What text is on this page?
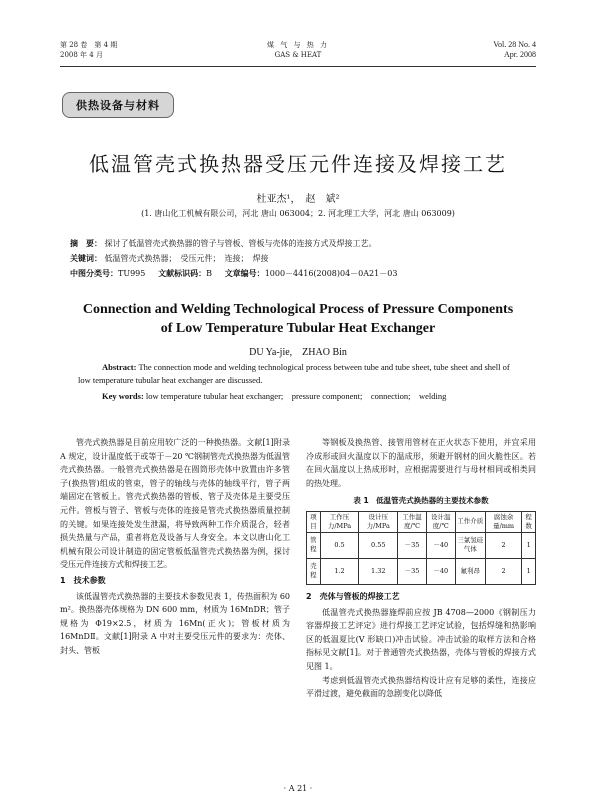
第 28 卷　第 4 期
2008 年 4 月
煤 气 与 热 力
GAS & HEAT
Vol. 28 No. 4
Apr. 2008
供热设备与材料
低温管壳式换热器受压元件连接及焊接工艺
杜亚杰¹，　赵　斌²
(1. 唐山化工机械有限公司，河北 唐山 063004；2. 河北理工大学，河北 唐山 063009)
摘　要： 探讨了低温管壳式换热器的管子与管板、管板与壳体的连接方式及焊接工艺。
关键词： 低温管壳式换热器；　受压元件；　连接；　焊接
中图分类号：TU995 文献标识码：B 文章编号：1000－4416(2008)04－0A21－03
Connection and Welding Technological Process of Pressure Components
of Low Temperature Tubular Heat Exchanger
DU Ya-jie,　ZHAO Bin
Abstract: The connection mode and welding technological process between tube and tube sheet, tube sheet and shell of low temperature tubular heat exchanger are discussed.
Key words: low temperature tubular heat exchanger;　pressure component;　connection;　welding

管壳式换热器是目前应用较广泛的一种换热器。文献[1]附录 A 规定，设计温度低于或等于－20 ℃钢制管壳式换热器为低温管壳式换热器。一般管壳式换热器是在圆筒形壳体中放置由许多管子(换热管)组成的管束，管子的轴线与壳体的轴线平行，管子两端固定在管板上。管壳式换热器的管板、管子及壳体是主要受压元件。管板与管子、管板与壳体的连接是管壳式换热器质量控制的关键。如果连接处发生泄漏，将导致两种工作介质混合，轻者损失热量与产品，重者将危及设备与人身安全。本文以唐山化工机械有限公司设计制造的固定管板低温管壳式换热器为例，探讨受压元件连接方式和焊接工艺。

1　技术参数

该低温管壳式换热器的主要技术参数见表 1，传热面积为 60 m²。换热器壳体规格为 DN 600 mm，材质为 16MnDR；管子规格为 Φ19×2.5，材质为 16Mn(正火)；管板材质为 16MnDⅡ。文献[1]附录 A 中对主要受压元件的要求为：壳体、封头、管板

等钢板及换热管、接管用管材在正火状态下使用，并宜采用冷成形或回火温度以下的温成形，须避开钢材的回火脆性区。若在回火温度以上热成形时，应根据需要进行与母材相同或相类同的热处理。

表 1　低温管壳式换热器的主要技术参数
项目	工作压力/MPa	设计压力/MPa	工作温度/℃	设计温度/℃	工作介质	腐蚀余量/mm	程数
管程	0.5	0.55	－35	－40	三氯氢硅气体	2	1
壳程	1.2	1.32	－35	－40	氟利昂	2	1

2　壳体与管板的焊接工艺

低温管壳式换热器施焊前应按 JB 4708—2000《钢制压力容器焊接工艺评定》进行焊接工艺评定试验，包括焊缝和热影响区的低温夏比(V 形缺口)冲击试验。冲击试验的取样方法和合格指标见文献[1]。对于普通管壳式换热器，壳体与管板的焊接方式见图 1。

考虑到低温管壳式换热器结构设计应有足够的柔性，连接应平滑过渡，避免截面的急剧变化以降低

· A 21 ·
